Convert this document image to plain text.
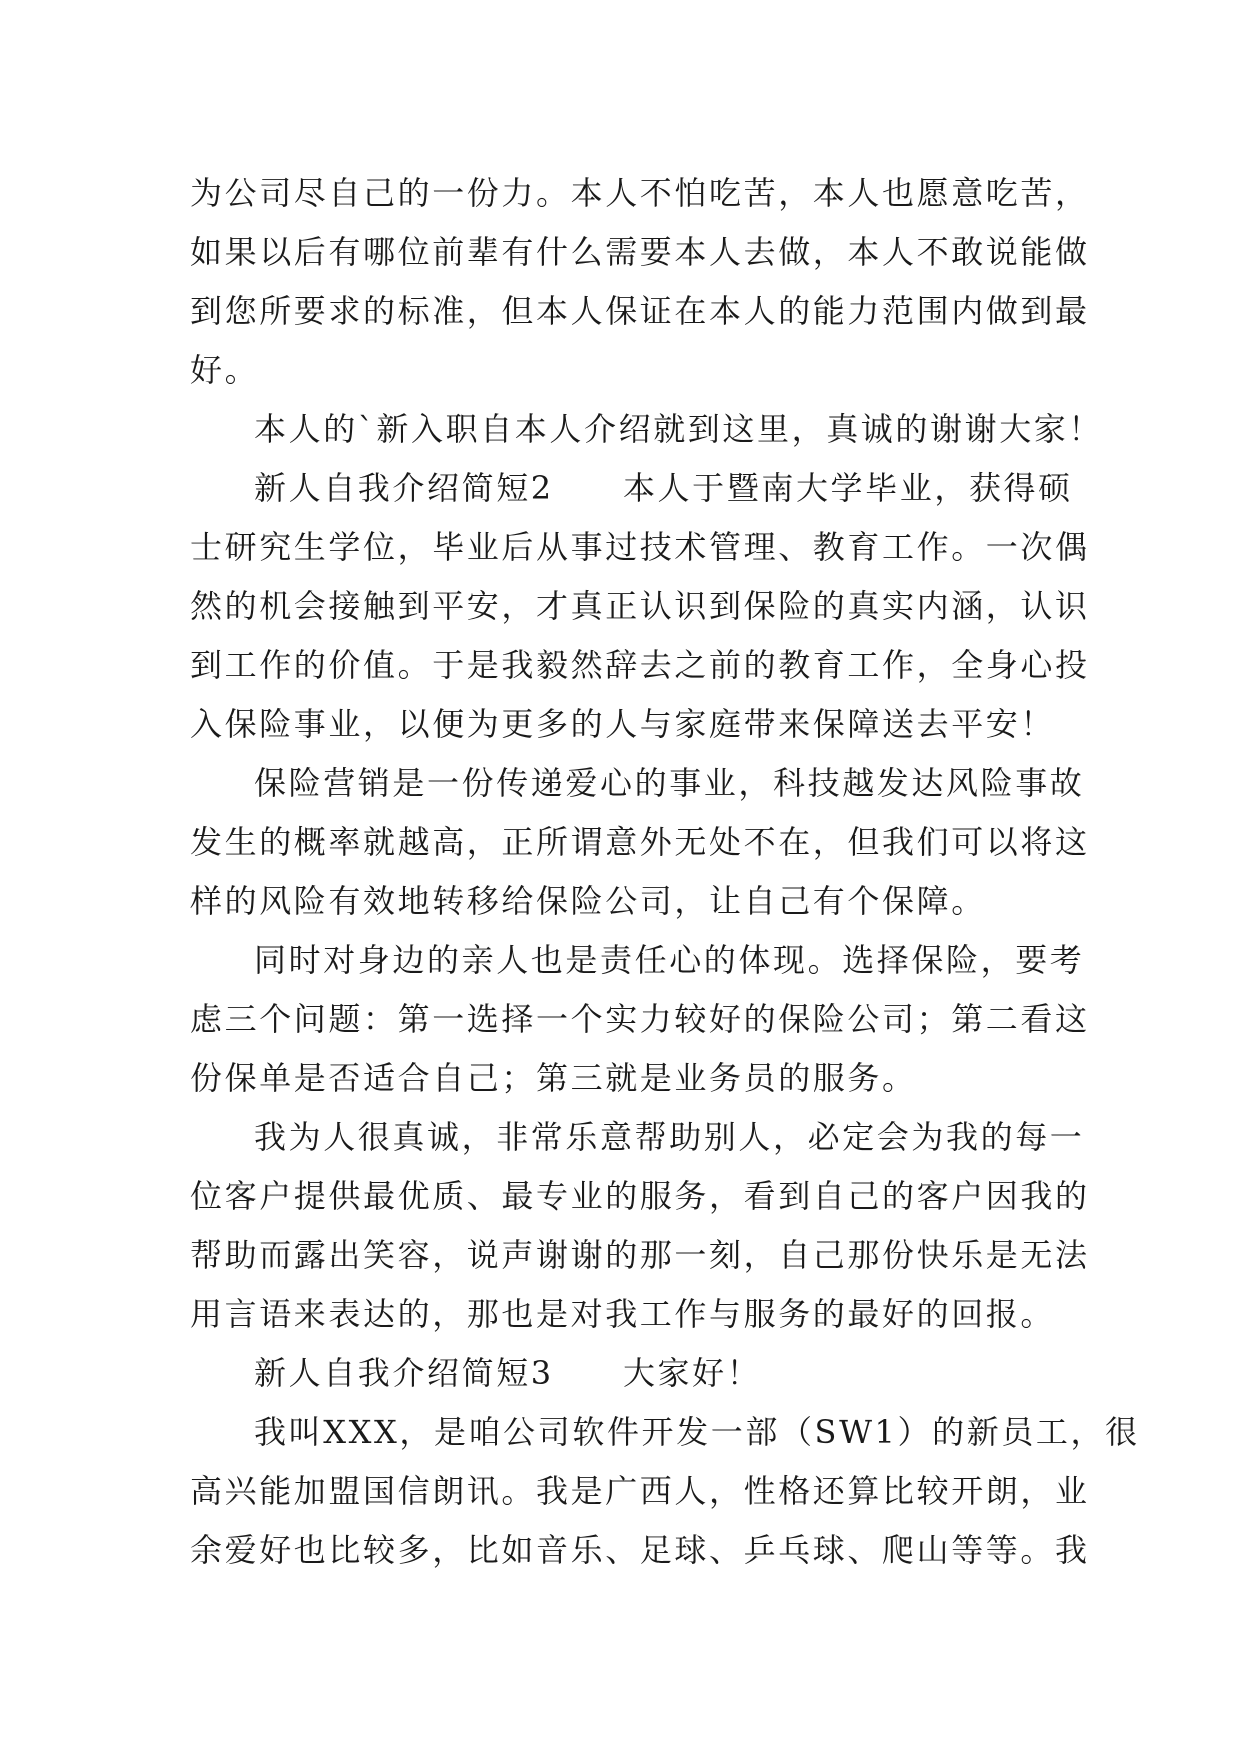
为公司尽自己的一份力。本人不怕吃苦，本人也愿意吃苦，
如果以后有哪位前辈有什么需要本人去做，本人不敢说能做
到您所要求的标准，但本人保证在本人的能力范围内做到最
好。
本人的`新入职自本人介绍就到这里，真诚的谢谢大家！
新人自我介绍简短2　　本人于暨南大学毕业，获得硕
士研究生学位，毕业后从事过技术管理、教育工作。一次偶
然的机会接触到平安，才真正认识到保险的真实内涵，认识
到工作的价值。于是我毅然辞去之前的教育工作，全身心投
入保险事业，以便为更多的人与家庭带来保障送去平安！
保险营销是一份传递爱心的事业，科技越发达风险事故
发生的概率就越高，正所谓意外无处不在，但我们可以将这
样的风险有效地转移给保险公司，让自己有个保障。
同时对身边的亲人也是责任心的体现。选择保险，要考
虑三个问题：第一选择一个实力较好的保险公司；第二看这
份保单是否适合自己；第三就是业务员的服务。
我为人很真诚，非常乐意帮助别人，必定会为我的每一
位客户提供最优质、最专业的服务，看到自己的客户因我的
帮助而露出笑容，说声谢谢的那一刻，自己那份快乐是无法
用言语来表达的，那也是对我工作与服务的最好的回报。
新人自我介绍简短3　　大家好！
我叫XXX，是咱公司软件开发一部（SW1）的新员工，很
高兴能加盟国信朗讯。我是广西人，性格还算比较开朗，业
余爱好也比较多，比如音乐、足球、乒乓球、爬山等等。我
